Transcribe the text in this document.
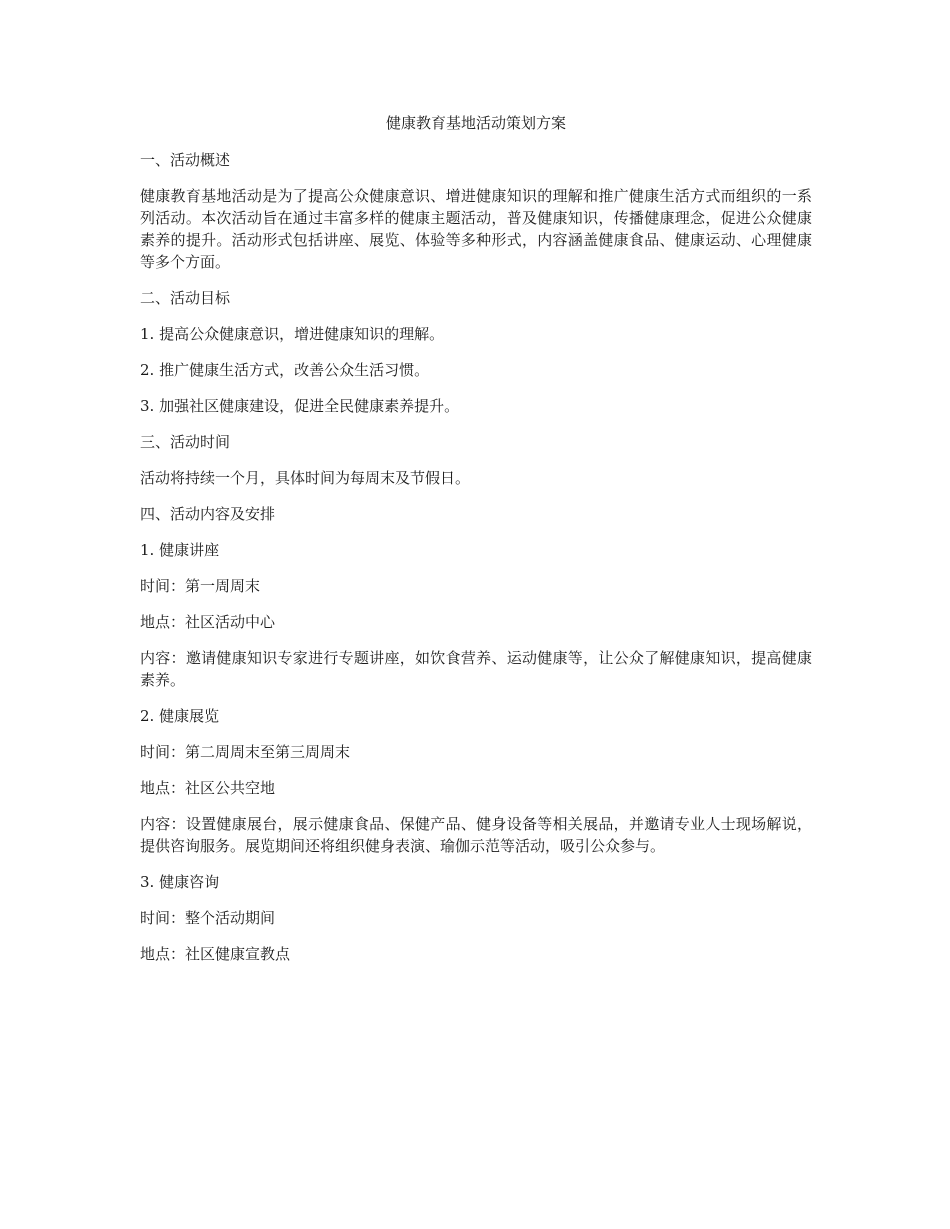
健康教育基地活动策划方案
一、活动概述
健康教育基地活动是为了提高公众健康意识、增进健康知识的理解和推广健康生活方式而组织的一系列活动。本次活动旨在通过丰富多样的健康主题活动，普及健康知识，传播健康理念，促进公众健康素养的提升。活动形式包括讲座、展览、体验等多种形式，内容涵盖健康食品、健康运动、心理健康等多个方面。
二、活动目标
1. 提高公众健康意识，增进健康知识的理解。
2. 推广健康生活方式，改善公众生活习惯。
3. 加强社区健康建设，促进全民健康素养提升。
三、活动时间
活动将持续一个月，具体时间为每周末及节假日。
四、活动内容及安排
1. 健康讲座
时间：第一周周末
地点：社区活动中心
内容：邀请健康知识专家进行专题讲座，如饮食营养、运动健康等，让公众了解健康知识，提高健康素养。
2. 健康展览
时间：第二周周末至第三周周末
地点：社区公共空地
内容：设置健康展台，展示健康食品、保健产品、健身设备等相关展品，并邀请专业人士现场解说，提供咨询服务。展览期间还将组织健身表演、瑜伽示范等活动，吸引公众参与。
3. 健康咨询
时间：整个活动期间
地点：社区健康宣教点
